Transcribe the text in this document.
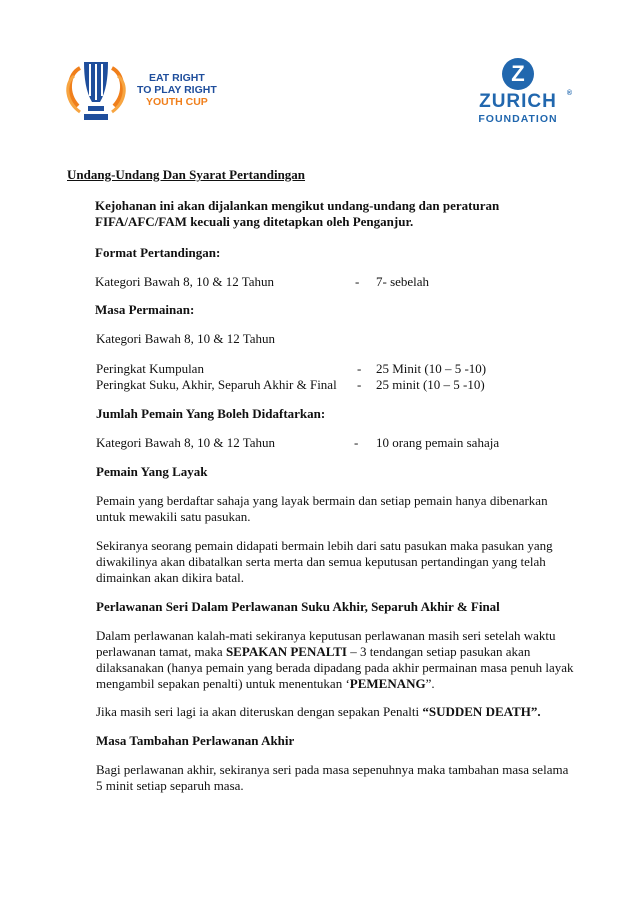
EAT RIGHT
TO PLAY RIGHT
YOUTH CUP
Z
ZURICH ®
FOUNDATION

Undang-Undang Dan Syarat Pertandingan

Kejohanan ini akan dijalankan mengikut undang-undang dan peraturan

FIFA/AFC/FAM kecuali yang ditetapkan oleh Penganjur.

Format Pertandingan:

Kategori Bawah 8, 10 & 12 Tahun	- 7- sebelah

Masa Permainan:

Kategori Bawah 8, 10 & 12 Tahun

Peringkat Kumpulan	- 25 Minit (10 – 5 -10)

Peringkat Suku, Akhir, Separuh Akhir & Final - 25 minit (10 – 5 -10)

Jumlah Pemain Yang Boleh Didaftarkan:

Kategori Bawah 8, 10 & 12 Tahun	- 10 orang pemain sahaja

Pemain Yang Layak

Pemain yang berdaftar sahaja yang layak bermain dan setiap pemain hanya dibenarkan

untuk mewakili satu pasukan.

Sekiranya seorang pemain didapati bermain lebih dari satu pasukan maka pasukan yang

diwakilinya akan dibatalkan serta merta dan semua keputusan pertandingan yang telah

dimainkan akan dikira batal.

Perlawanan Seri Dalam Perlawanan Suku Akhir, Separuh Akhir & Final

Dalam perlawanan kalah-mati sekiranya keputusan perlawanan masih seri setelah waktu

perlawanan tamat, maka SEPAKAN PENALTI – 3 tendangan setiap pasukan akan

dilaksanakan (hanya pemain yang berada dipadang pada akhir permainan masa penuh layak

mengambil sepakan penalti) untuk menentukan ‘PEMENANG”.

Jika masih seri lagi ia akan diteruskan dengan sepakan Penalti “SUDDEN DEATH”.

Masa Tambahan Perlawanan Akhir

Bagi perlawanan akhir, sekiranya seri pada masa sepenuhnya maka tambahan masa selama

5 minit setiap separuh masa.
